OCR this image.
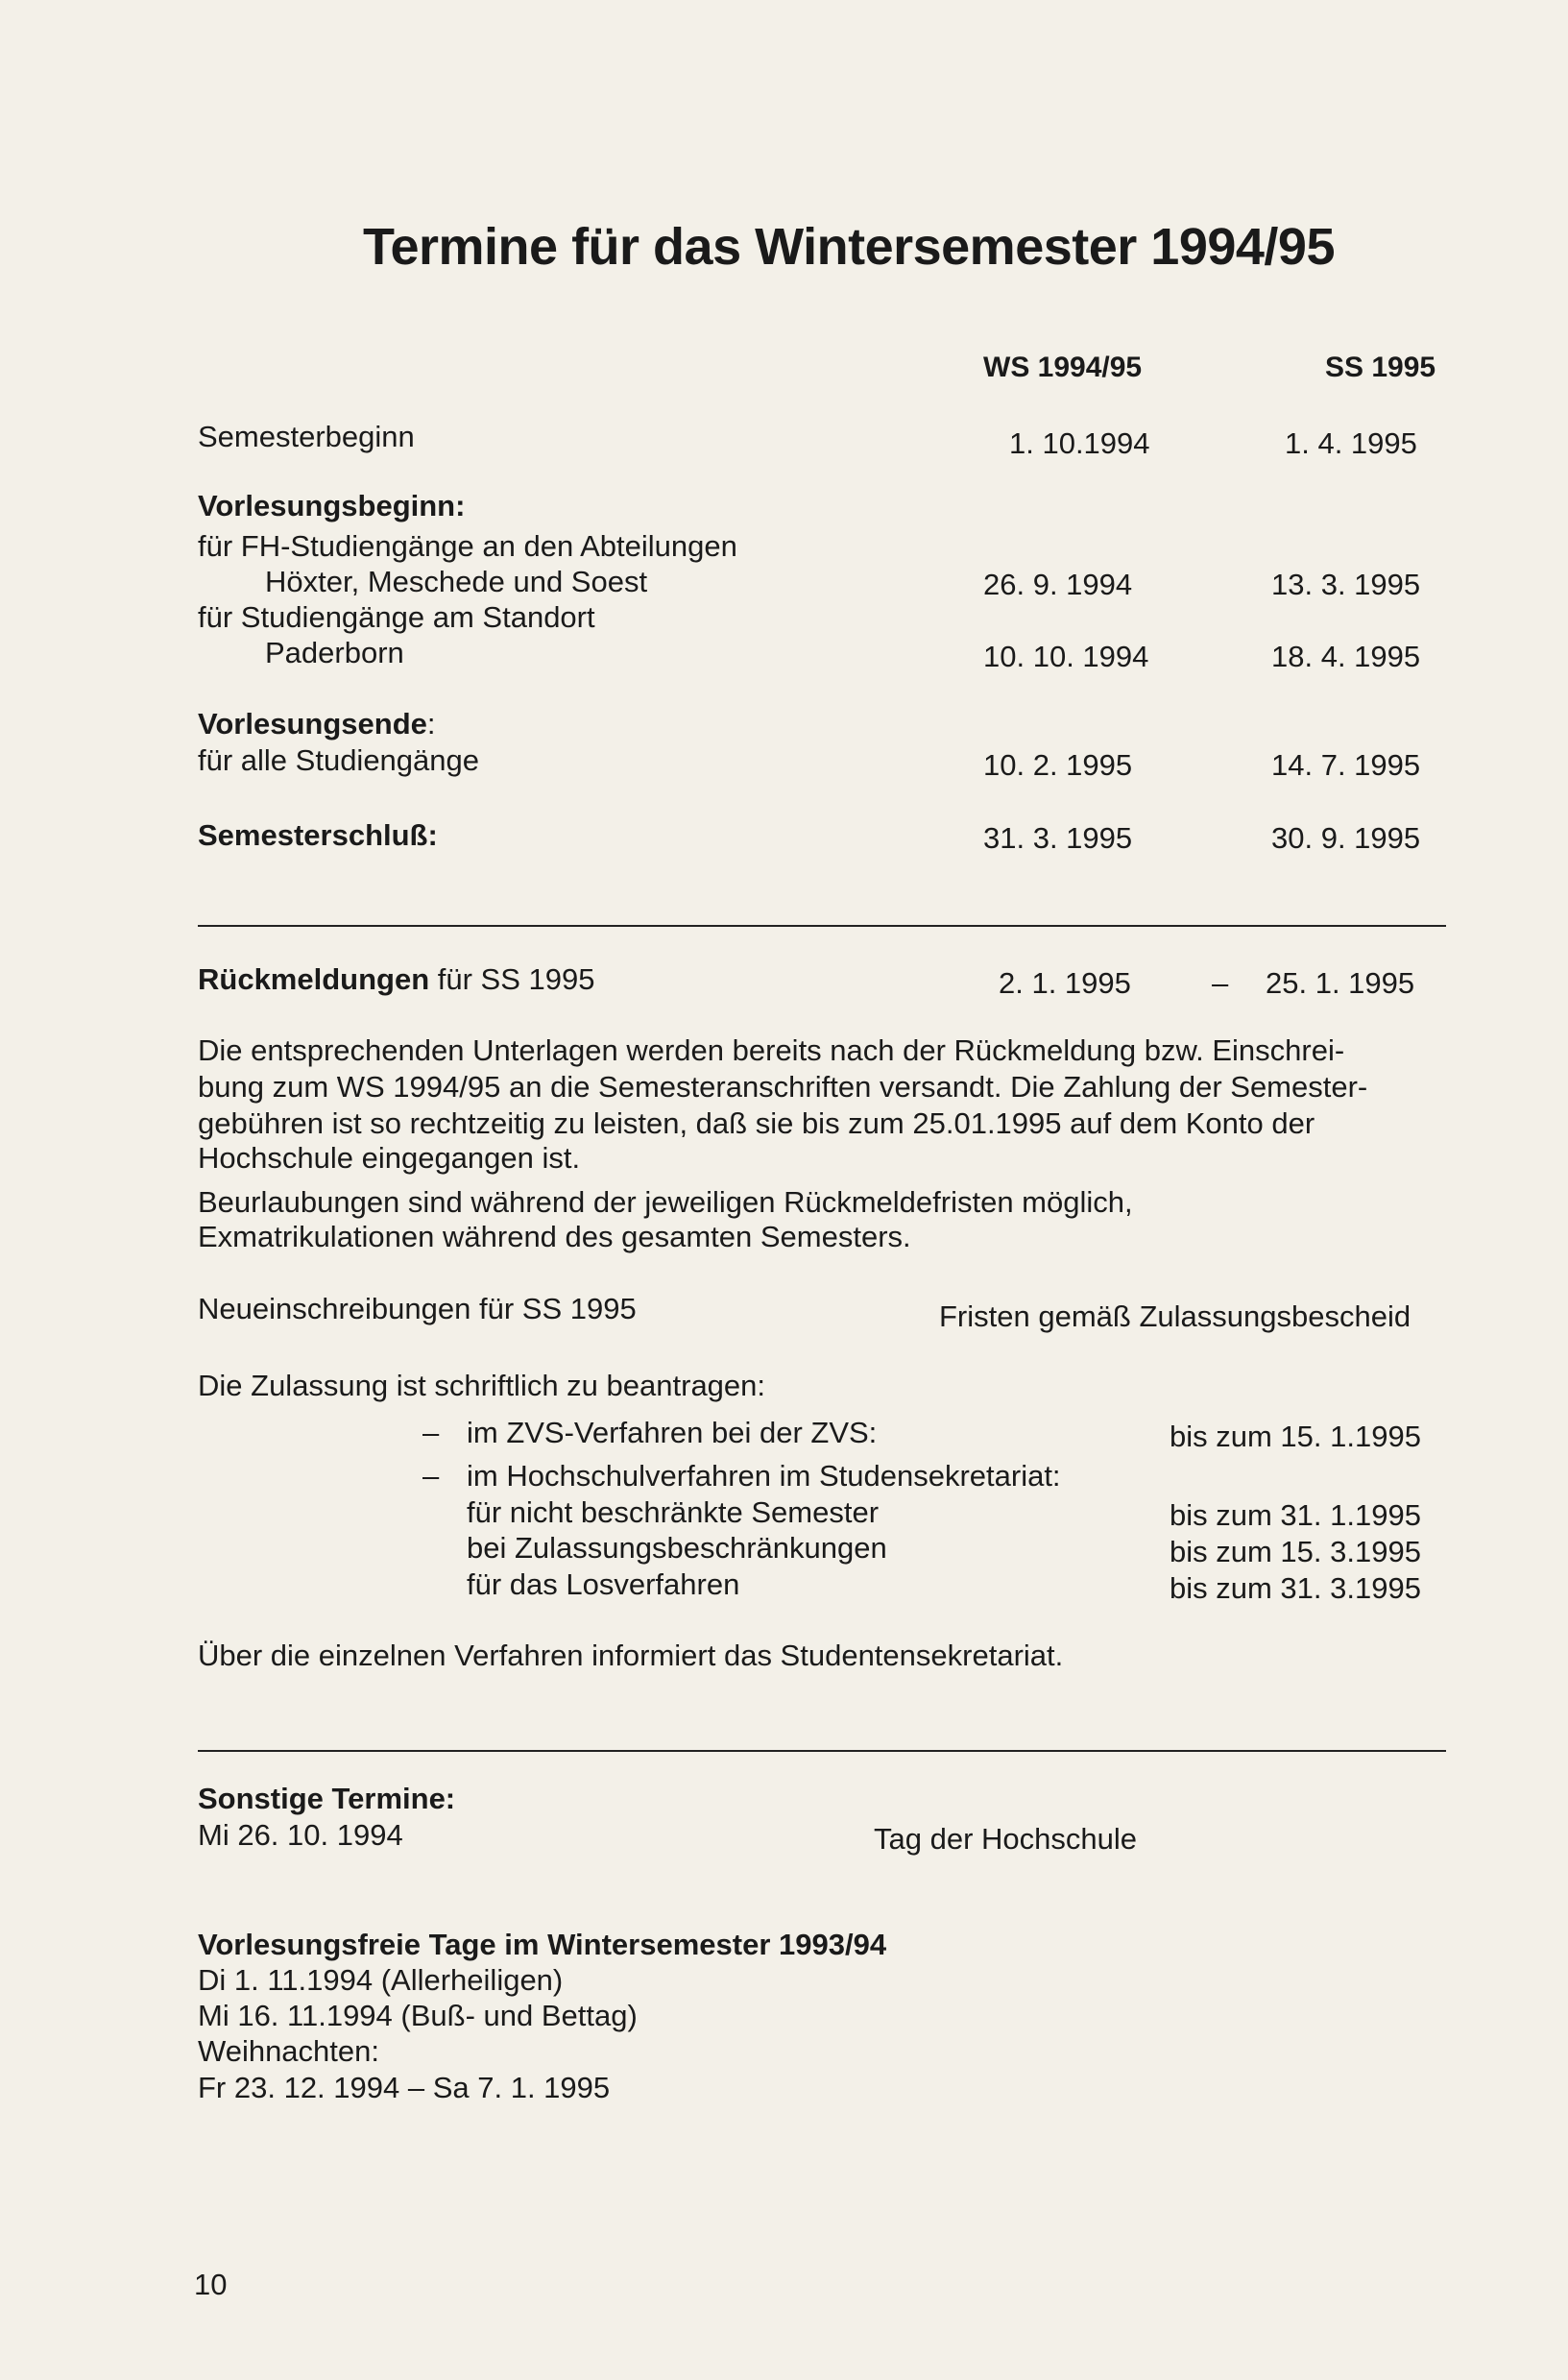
Termine für das Wintersemester 1994/95
WS 1994/95	SS 1995
Semesterbeginn	1. 10.1994	1. 4. 1995
Vorlesungsbeginn:
für FH-Studiengänge an den Abteilungen
Höxter, Meschede und Soest	26. 9. 1994	13. 3. 1995
für Studiengänge am Standort
Paderborn	10. 10. 1994	18. 4. 1995
Vorlesungsende:
für alle Studiengänge	10. 2. 1995	14. 7. 1995
Semesterschluß:	31. 3. 1995	30. 9. 1995
Rückmeldungen für SS 1995	2. 1. 1995	– 25. 1. 1995
Die entsprechenden Unterlagen werden bereits nach der Rückmeldung bzw. Einschrei-
bung zum WS 1994/95 an die Semesteranschriften versandt. Die Zahlung der Semester-
gebühren ist so rechtzeitig zu leisten, daß sie bis zum 25.01.1995 auf dem Konto der
Hochschule eingegangen ist.
Beurlaubungen sind während der jeweiligen Rückmeldefristen möglich,
Exmatrikulationen während des gesamten Semesters.
Neueinschreibungen für SS 1995	Fristen gemäß Zulassungsbescheid
Die Zulassung ist schriftlich zu beantragen:
– im ZVS-Verfahren bei der ZVS:	bis zum 15. 1.1995
– im Hochschulverfahren im Studensekretariat:
für nicht beschränkte Semester	bis zum 31. 1.1995
bei Zulassungsbeschränkungen	bis zum 15. 3.1995
für das Losverfahren	bis zum 31. 3.1995
Über die einzelnen Verfahren informiert das Studentensekretariat.
Sonstige Termine:
Mi 26. 10. 1994	Tag der Hochschule
Vorlesungsfreie Tage im Wintersemester 1993/94
Di 1. 11.1994 (Allerheiligen)
Mi 16. 11.1994 (Buß- und Bettag)
Weihnachten:
Fr 23. 12. 1994 – Sa 7. 1. 1995
10
